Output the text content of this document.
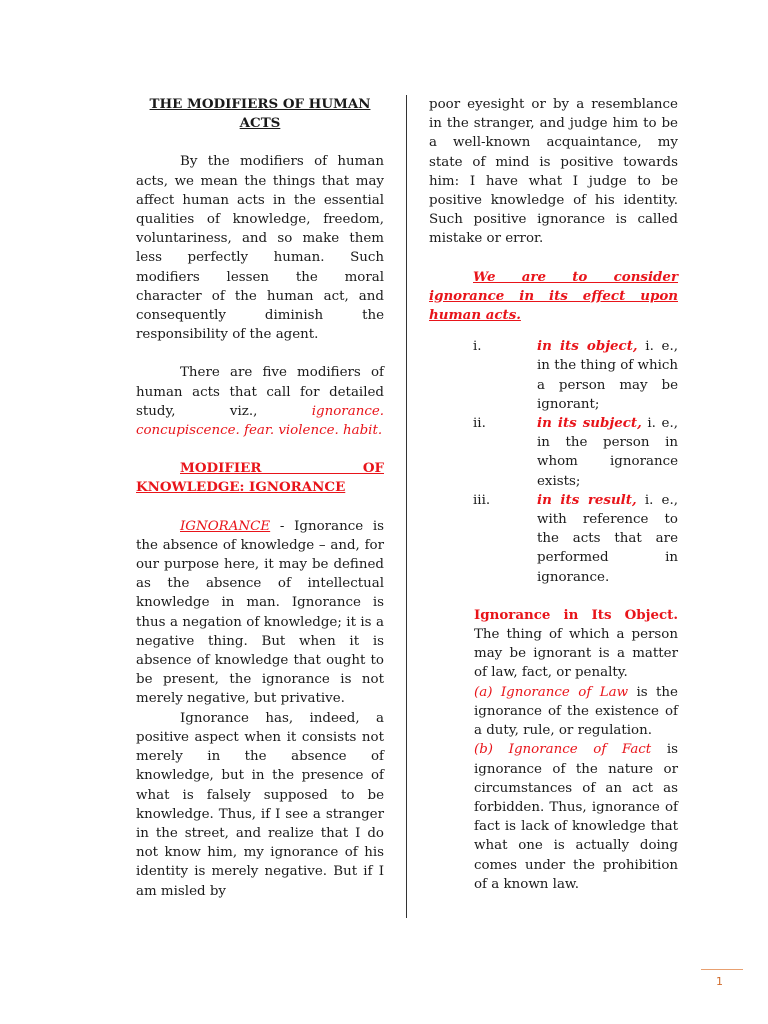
THE MODIFIERS OF HUMAN ACTS

By the modifiers of human acts, we mean the things that may affect human acts in the essential qualities of knowledge, freedom, voluntariness, and so make them less perfectly human. Such modifiers lessen the moral character of the human act, and consequently diminish the responsibility of the agent.

There are five modifiers of human acts that call for detailed study, viz., ignorance. concupiscence. fear. violence. habit.

MODIFIER OF KNOWLEDGE: IGNORANCE

IGNORANCE - Ignorance is the absence of knowledge – and, for our purpose here, it may be defined as the absence of intellectual knowledge in man. Ignorance is thus a negation of knowledge; it is a negative thing. But when it is absence of knowledge that ought to be present, the ignorance is not merely negative, but privative.

Ignorance has, indeed, a positive aspect when it consists not merely in the absence of knowledge, but in the presence of what is falsely supposed to be knowledge. Thus, if I see a stranger in the street, and realize that I do not know him, my ignorance of his identity is merely negative. But if I am misled by

poor eyesight or by a resemblance in the stranger, and judge him to be a well-known acquaintance, my state of mind is positive towards him: I have what I judge to be positive knowledge of his identity. Such positive ignorance is called mistake or error.

We are to consider ignorance in its effect upon human acts.

i.	in its object, i. e., in the thing of which a person may be ignorant;
ii.	in its subject, i. e., in the person in whom ignorance exists;
iii.	in its result, i. e., with reference to the acts that are performed in ignorance.

Ignorance in Its Object. The thing of which a person may be ignorant is a matter of law, fact, or penalty.

(a) Ignorance of Law is the ignorance of the existence of a duty, rule, or regulation.

(b) Ignorance of Fact is ignorance of the nature or circumstances of an act as forbidden. Thus, ignorance of fact is lack of knowledge that what one is actually doing comes under the prohibition of a known law.

1
